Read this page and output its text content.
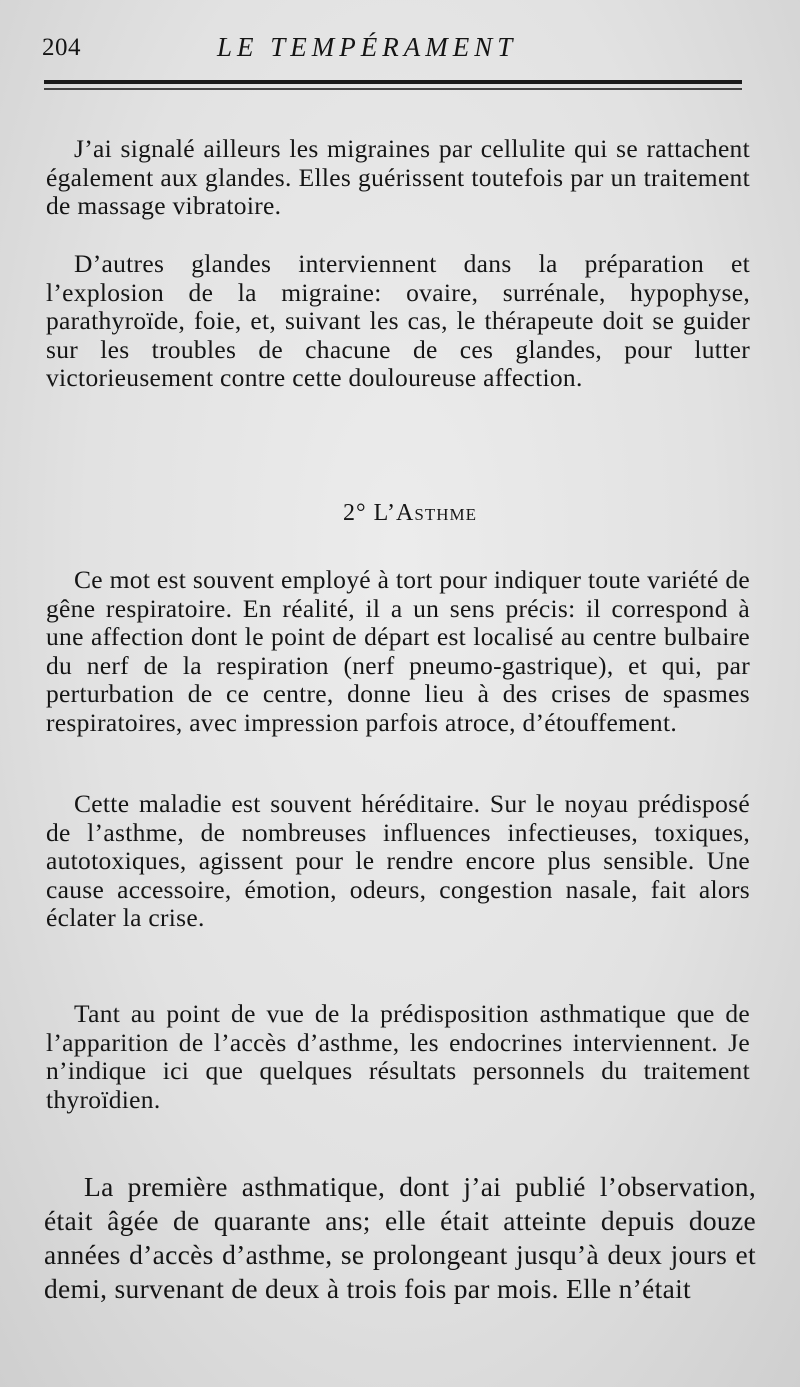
204	LE TEMPÉRAMENT

J’ai signalé ailleurs les migraines par cellulite qui se rattachent également aux glandes. Elles guérissent toutefois par un traitement de massage vibratoire.

D’autres glandes interviennent dans la préparation et l’explosion de la migraine: ovaire, surrénale, hypophyse, parathyroïde, foie, et, suivant les cas, le thérapeute doit se guider sur les troubles de chacune de ces glandes, pour lutter victorieusement contre cette douloureuse affection.

2° L’Asthme

Ce mot est souvent employé à tort pour indiquer toute variété de gêne respiratoire. En réalité, il a un sens précis: il correspond à une affection dont le point de départ est localisé au centre bulbaire du nerf de la respiration (nerf pneumo-gastrique), et qui, par perturbation de ce centre, donne lieu à des crises de spasmes respiratoires, avec impression parfois atroce, d’étouffement.

Cette maladie est souvent héréditaire. Sur le noyau prédisposé de l’asthme, de nombreuses influences infectieuses, toxiques, autotoxiques, agissent pour le rendre encore plus sensible. Une cause accessoire, émotion, odeurs, congestion nasale, fait alors éclater la crise.

Tant au point de vue de la prédisposition asthmatique que de l’apparition de l’accès d’asthme, les endocrines interviennent. Je n’indique ici que quelques résultats personnels du traitement thyroïdien.

La première asthmatique, dont j’ai publié l’observation, était âgée de quarante ans; elle était atteinte depuis douze années d’accès d’asthme, se prolongeant jusqu’à deux jours et demi, survenant de deux à trois fois par mois. Elle n’était
